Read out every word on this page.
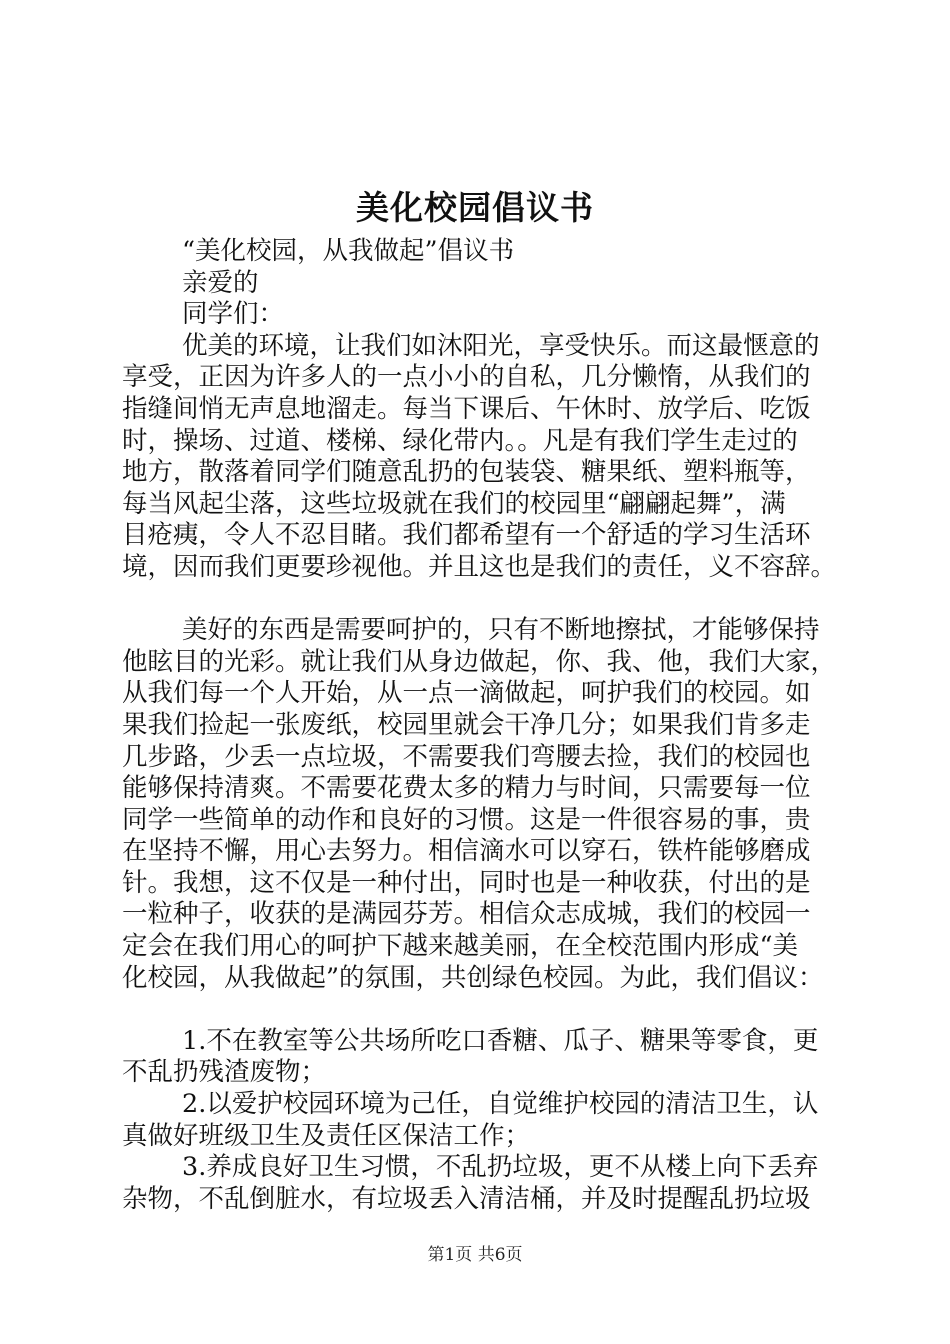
美化校园倡议书
“美化校园，从我做起”倡议书
亲爱的
同学们：
优美的环境，让我们如沐阳光，享受快乐。而这最惬意的
享受，正因为许多人的一点小小的自私，几分懒惰，从我们的
指缝间悄无声息地溜走。每当下课后、午休时、放学后、吃饭
时，操场、过道、楼梯、绿化带内。。凡是有我们学生走过的
地方，散落着同学们随意乱扔的包装袋、糖果纸、塑料瓶等，
每当风起尘落，这些垃圾就在我们的校园里“翩翩起舞”，满
目疮痍，令人不忍目睹。我们都希望有一个舒适的学习生活环
境，因而我们更要珍视他。并且这也是我们的责任，义不容辞。
美好的东西是需要呵护的，只有不断地擦拭，才能够保持
他眩目的光彩。就让我们从身边做起，你、我、他，我们大家，
从我们每一个人开始，从一点一滴做起，呵护我们的校园。如
果我们捡起一张废纸，校园里就会干净几分；如果我们肯多走
几步路，少丢一点垃圾，不需要我们弯腰去捡，我们的校园也
能够保持清爽。不需要花费太多的精力与时间，只需要每一位
同学一些简单的动作和良好的习惯。这是一件很容易的事，贵
在坚持不懈，用心去努力。相信滴水可以穿石，铁杵能够磨成
针。我想，这不仅是一种付出，同时也是一种收获，付出的是
一粒种子，收获的是满园芬芳。相信众志成城，我们的校园一
定会在我们用心的呵护下越来越美丽，在全校范围内形成“美
化校园，从我做起”的氛围，共创绿色校园。为此，我们倡议：
1.不在教室等公共场所吃口香糖、瓜子、糖果等零食，更
不乱扔残渣废物；
2.以爱护校园环境为己任，自觉维护校园的清洁卫生，认
真做好班级卫生及责任区保洁工作；
3.养成良好卫生习惯，不乱扔垃圾，更不从楼上向下丢弃
杂物，不乱倒脏水，有垃圾丢入清洁桶，并及时提醒乱扔垃圾
第1页 共6页
